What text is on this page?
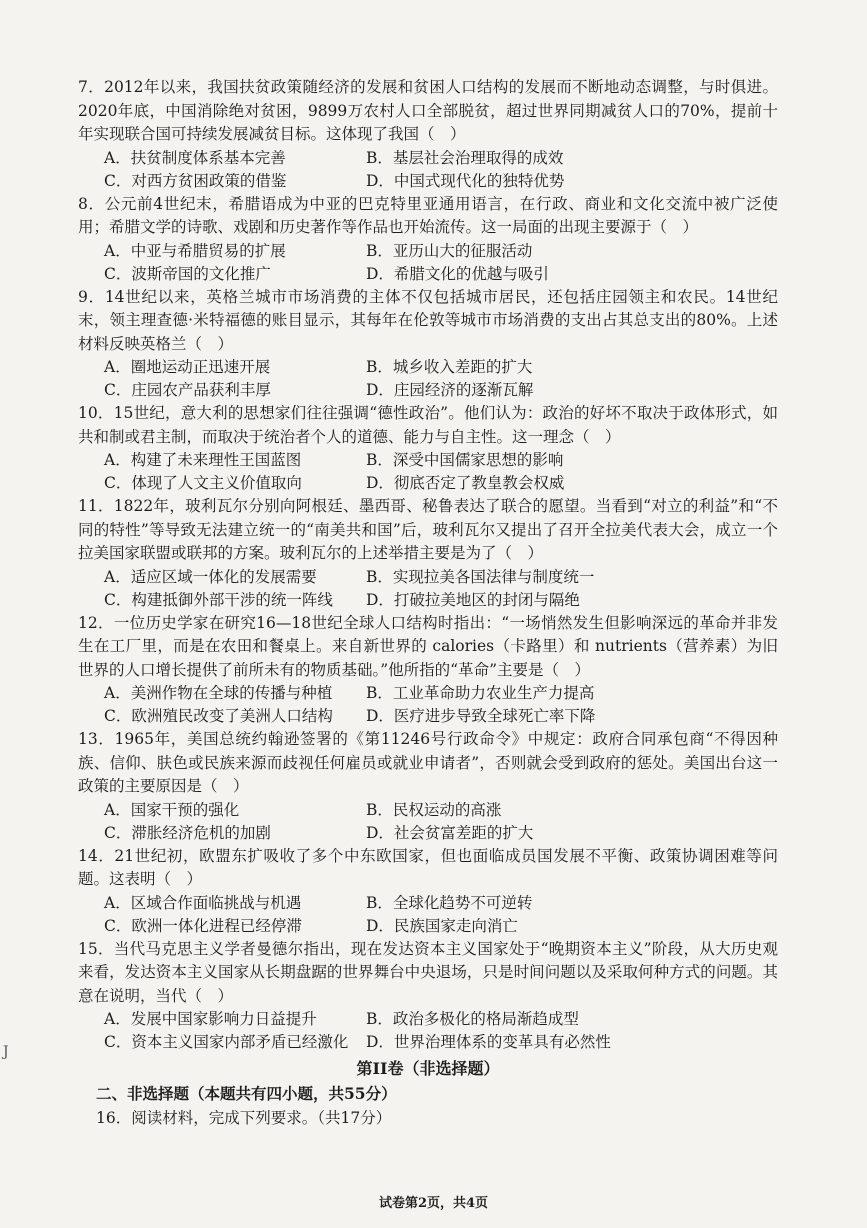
7．2012年以来，我国扶贫政策随经济的发展和贫困人口结构的发展而不断地动态调整，与时俱进。2020年底，中国消除绝对贫困，9899万农村人口全部脱贫，超过世界同期减贫人口的70%，提前十年实现联合国可持续发展减贫目标。这体现了我国（　）
A．扶贫制度体系基本完善	B．基层社会治理取得的成效
C．对西方贫困政策的借鉴	D．中国式现代化的独特优势
8．公元前4世纪末，希腊语成为中亚的巴克特里亚通用语言，在行政、商业和文化交流中被广泛使用；希腊文学的诗歌、戏剧和历史著作等作品也开始流传。这一局面的出现主要源于（　）
A．中亚与希腊贸易的扩展	B．亚历山大的征服活动
C．波斯帝国的文化推广	D．希腊文化的优越与吸引
9．14世纪以来，英格兰城市市场消费的主体不仅包括城市居民，还包括庄园领主和农民。14世纪末，领主理查德·米特福德的账目显示，其每年在伦敦等城市市场消费的支出占其总支出的80%。上述材料反映英格兰（　）
A．圈地运动正迅速开展	B．城乡收入差距的扩大
C．庄园农产品获利丰厚	D．庄园经济的逐渐瓦解
10．15世纪，意大利的思想家们往往强调“德性政治”。他们认为：政治的好坏不取决于政体形式，如共和制或君主制，而取决于统治者个人的道德、能力与自主性。这一理念（　）
A．构建了未来理性王国蓝图	B．深受中国儒家思想的影响
C．体现了人文主义价值取向	D．彻底否定了教皇教会权威
11．1822年，玻利瓦尔分别向阿根廷、墨西哥、秘鲁表达了联合的愿望。当看到“对立的利益”和“不同的特性”等导致无法建立统一的“南美共和国”后，玻利瓦尔又提出了召开全拉美代表大会，成立一个拉美国家联盟或联邦的方案。玻利瓦尔的上述举措主要是为了（　）
A．适应区域一体化的发展需要	B．实现拉美各国法律与制度统一
C．构建抵御外部干涉的统一阵线	D．打破拉美地区的封闭与隔绝
12．一位历史学家在研究16—18世纪全球人口结构时指出：“一场悄然发生但影响深远的革命并非发生在工厂里，而是在农田和餐桌上。来自新世界的 calories（卡路里）和 nutrients（营养素）为旧世界的人口增长提供了前所未有的物质基础。”他所指的“革命”主要是（　）
A．美洲作物在全球的传播与种植	B．工业革命助力农业生产力提高
C．欧洲殖民改变了美洲人口结构	D．医疗进步导致全球死亡率下降
13．1965年，美国总统约翰逊签署的《第11246号行政命令》中规定：政府合同承包商“不得因种族、信仰、肤色或民族来源而歧视任何雇员或就业申请者”，否则就会受到政府的惩处。美国出台这一政策的主要原因是（　）
A．国家干预的强化	B．民权运动的高涨
C．滞胀经济危机的加剧	D．社会贫富差距的扩大
14．21世纪初，欧盟东扩吸收了多个中东欧国家，但也面临成员国发展不平衡、政策协调困难等问题。这表明（　）
A．区域合作面临挑战与机遇	B．全球化趋势不可逆转
C．欧洲一体化进程已经停滞	D．民族国家走向消亡
15．当代马克思主义学者曼德尔指出，现在发达资本主义国家处于“晚期资本主义”阶段，从大历史观来看，发达资本主义国家从长期盘踞的世界舞台中央退场，只是时间问题以及采取何种方式的问题。其意在说明，当代（　）
A．发展中国家影响力日益提升	B．政治多极化的格局渐趋成型
C．资本主义国家内部矛盾已经激化	D．世界治理体系的变革具有必然性
第II卷（非选择题）
二、非选择题（本题共有四小题，共55分）
16．阅读材料，完成下列要求。（共17分）
J
试卷第2页，共4页
